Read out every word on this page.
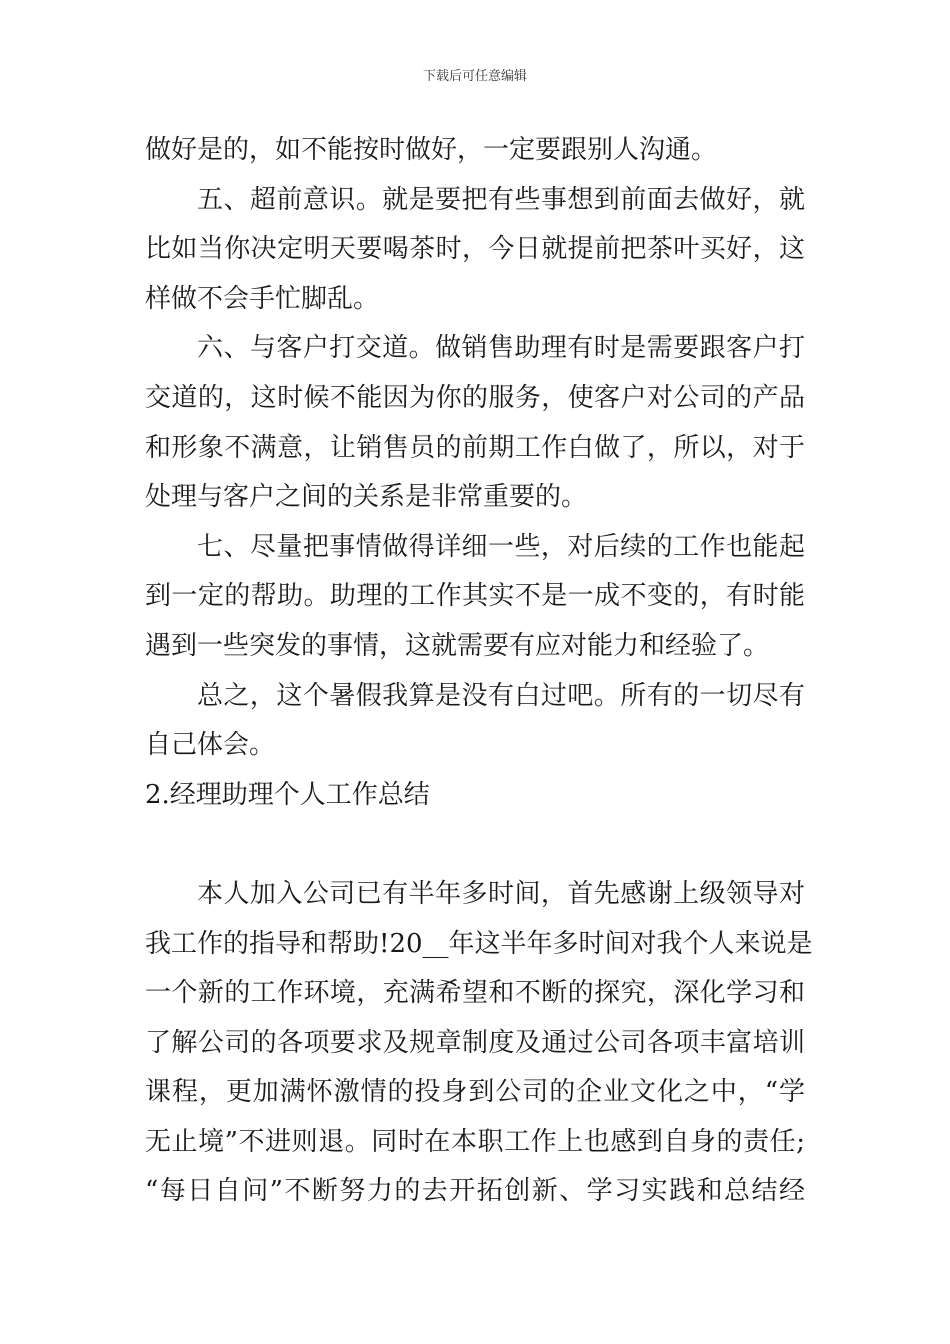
下载后可任意编辑
做好是的，如不能按时做好，一定要跟别人沟通。
五、超前意识。就是要把有些事想到前面去做好，就
比如当你决定明天要喝茶时，今日就提前把茶叶买好，这
样做不会手忙脚乱。
六、与客户打交道。做销售助理有时是需要跟客户打
交道的，这时候不能因为你的服务，使客户对公司的产品
和形象不满意，让销售员的前期工作白做了，所以，对于
处理与客户之间的关系是非常重要的。
七、尽量把事情做得详细一些，对后续的工作也能起
到一定的帮助。助理的工作其实不是一成不变的，有时能
遇到一些突发的事情，这就需要有应对能力和经验了。
总之，这个暑假我算是没有白过吧。所有的一切尽有
自己体会。
2.经理助理个人工作总结
本人加入公司已有半年多时间，首先感谢上级领导对
我工作的指导和帮助!20__年这半年多时间对我个人来说是
一个新的工作环境，充满希望和不断的探究，深化学习和
了解公司的各项要求及规章制度及通过公司各项丰富培训
课程，更加满怀激情的投身到公司的企业文化之中，“学
无止境”不进则退。同时在本职工作上也感到自身的责任;
“每日自问”不断努力的去开拓创新、学习实践和总结经
